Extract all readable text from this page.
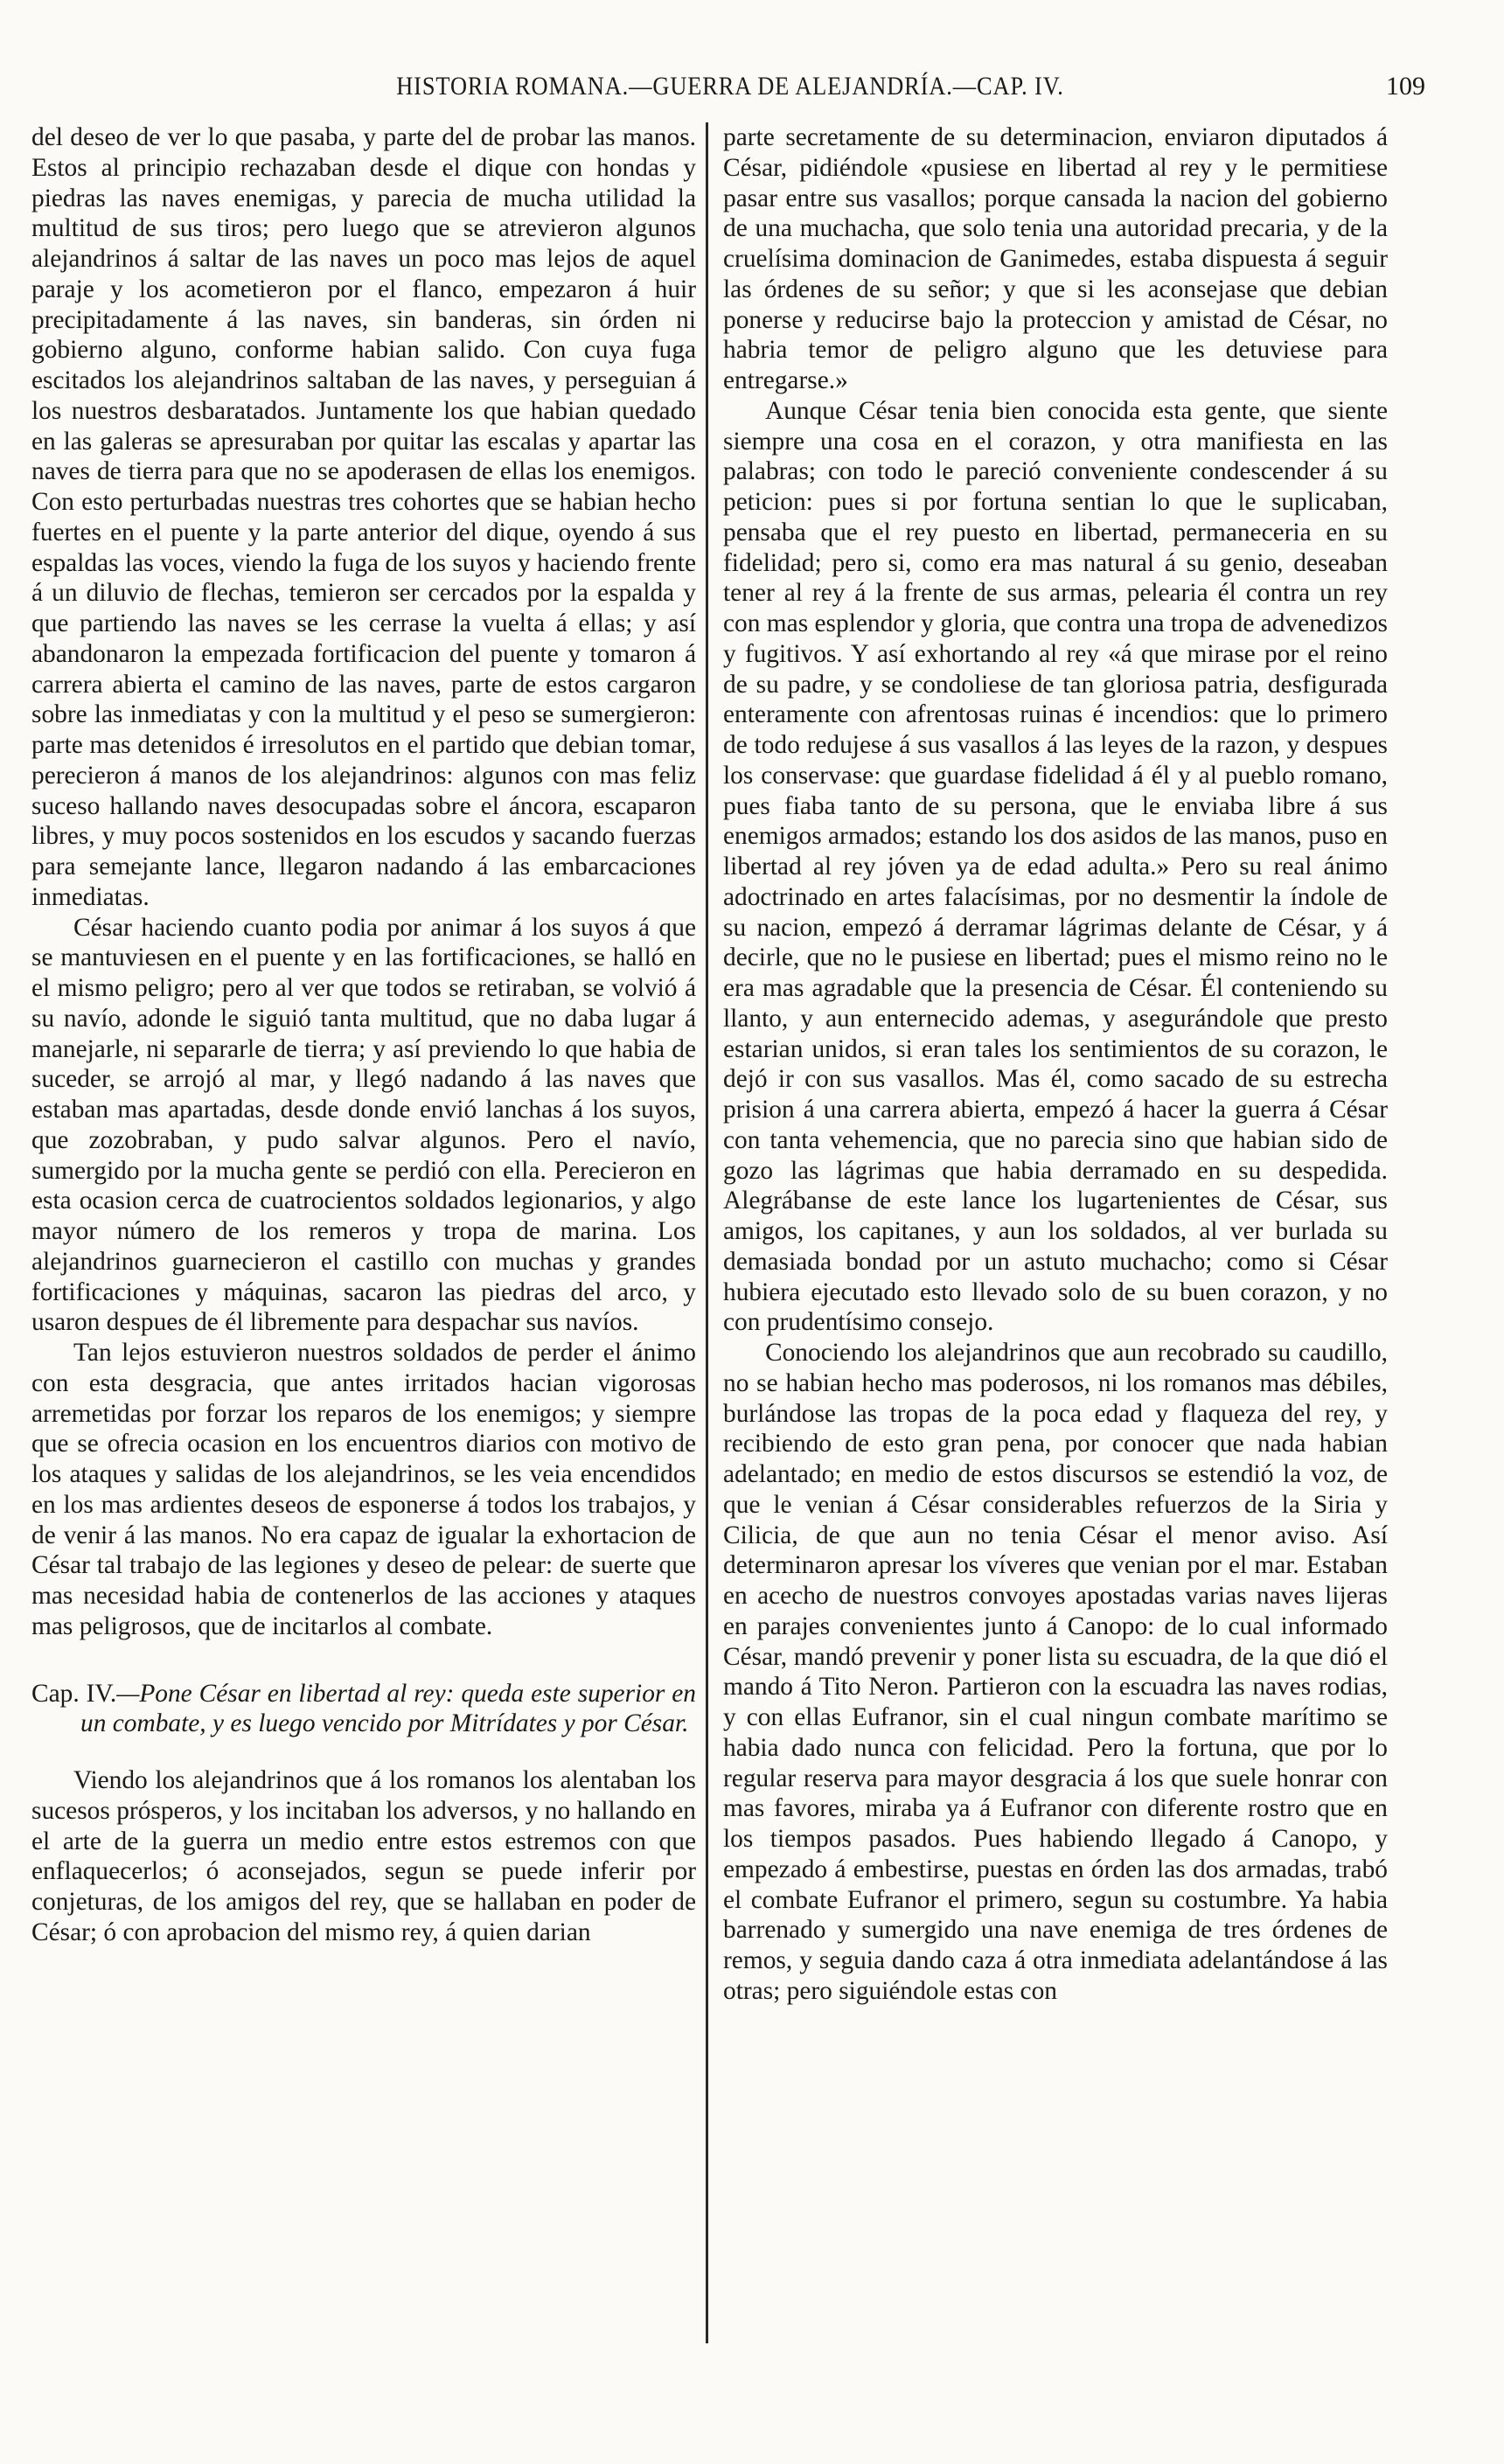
HISTORIA ROMANA.—GUERRA DE ALEJANDRÍA.—CAP. IV.	109

del deseo de ver lo que pasaba, y parte del de probar las manos. Estos al principio rechazaban desde el dique con hondas y piedras las naves enemigas, y parecia de mucha utilidad la multitud de sus tiros; pero luego que se atrevieron algunos alejandrinos á saltar de las naves un poco mas lejos de aquel paraje y los acometieron por el flanco, empezaron á huir precipitadamente á las naves, sin banderas, sin órden ni gobierno alguno, conforme habian salido. Con cuya fuga escitados los alejandrinos saltaban de las naves, y perseguian á los nuestros desbaratados. Juntamente los que habian quedado en las galeras se apresuraban por quitar las escalas y apartar las naves de tierra para que no se apoderasen de ellas los enemigos. Con esto perturbadas nuestras tres cohortes que se habian hecho fuertes en el puente y la parte anterior del dique, oyendo á sus espaldas las voces, viendo la fuga de los suyos y haciendo frente á un diluvio de flechas, temieron ser cercados por la espalda y que partiendo las naves se les cerrase la vuelta á ellas; y así abandonaron la empezada fortificacion del puente y tomaron á carrera abierta el camino de las naves, parte de estos cargaron sobre las inmediatas y con la multitud y el peso se sumergieron: parte mas detenidos é irresolutos en el partido que debian tomar, perecieron á manos de los alejandrinos: algunos con mas feliz suceso hallando naves desocupadas sobre el áncora, escaparon libres, y muy pocos sostenidos en los escudos y sacando fuerzas para semejante lance, llegaron nadando á las embarcaciones inmediatas.

César haciendo cuanto podia por animar á los suyos á que se mantuviesen en el puente y en las fortificaciones, se halló en el mismo peligro; pero al ver que todos se retiraban, se volvió á su navío, adonde le siguió tanta multitud, que no daba lugar á manejarle, ni separarle de tierra; y así previendo lo que habia de suceder, se arrojó al mar, y llegó nadando á las naves que estaban mas apartadas, desde donde envió lanchas á los suyos, que zozobraban, y pudo salvar algunos. Pero el navío, sumergido por la mucha gente se perdió con ella. Perecieron en esta ocasion cerca de cuatrocientos soldados legionarios, y algo mayor número de los remeros y tropa de marina. Los alejandrinos guarnecieron el castillo con muchas y grandes fortificaciones y máquinas, sacaron las piedras del arco, y usaron despues de él libremente para despachar sus navíos.

Tan lejos estuvieron nuestros soldados de perder el ánimo con esta desgracia, que antes irritados hacian vigorosas arremetidas por forzar los reparos de los enemigos; y siempre que se ofrecia ocasion en los encuentros diarios con motivo de los ataques y salidas de los alejandrinos, se les veia encendidos en los mas ardientes deseos de esponerse á todos los trabajos, y de venir á las manos. No era capaz de igualar la exhortacion de César tal trabajo de las legiones y deseo de pelear: de suerte que mas necesidad habia de contenerlos de las acciones y ataques mas peligrosos, que de incitarlos al combate.

Cap. IV.—Pone César en libertad al rey: queda este superior en un combate, y es luego vencido por Mitrídates y por César.

Viendo los alejandrinos que á los romanos los alentaban los sucesos prósperos, y los incitaban los adversos, y no hallando en el arte de la guerra un medio entre estos estremos con que enflaquecerlos; ó aconsejados, segun se puede inferir por conjeturas, de los amigos del rey, que se hallaban en poder de César; ó con aprobacion del mismo rey, á quien darian

parte secretamente de su determinacion, enviaron diputados á César, pidiéndole «pusiese en libertad al rey y le permitiese pasar entre sus vasallos; porque cansada la nacion del gobierno de una muchacha, que solo tenia una autoridad precaria, y de la cruelísima dominacion de Ganimedes, estaba dispuesta á seguir las órdenes de su señor; y que si les aconsejase que debian ponerse y reducirse bajo la proteccion y amistad de César, no habria temor de peligro alguno que les detuviese para entregarse.»

Aunque César tenia bien conocida esta gente, que siente siempre una cosa en el corazon, y otra manifiesta en las palabras; con todo le pareció conveniente condescender á su peticion: pues si por fortuna sentian lo que le suplicaban, pensaba que el rey puesto en libertad, permaneceria en su fidelidad; pero si, como era mas natural á su genio, deseaban tener al rey á la frente de sus armas, pelearia él contra un rey con mas esplendor y gloria, que contra una tropa de advenedizos y fugitivos. Y así exhortando al rey «á que mirase por el reino de su padre, y se condoliese de tan gloriosa patria, desfigurada enteramente con afrentosas ruinas é incendios: que lo primero de todo redujese á sus vasallos á las leyes de la razon, y despues los conservase: que guardase fidelidad á él y al pueblo romano, pues fiaba tanto de su persona, que le enviaba libre á sus enemigos armados; estando los dos asidos de las manos, puso en libertad al rey jóven ya de edad adulta.» Pero su real ánimo adoctrinado en artes falacísimas, por no desmentir la índole de su nacion, empezó á derramar lágrimas delante de César, y á decirle, que no le pusiese en libertad; pues el mismo reino no le era mas agradable que la presencia de César. Él conteniendo su llanto, y aun enternecido ademas, y asegurándole que presto estarian unidos, si eran tales los sentimientos de su corazon, le dejó ir con sus vasallos. Mas él, como sacado de su estrecha prision á una carrera abierta, empezó á hacer la guerra á César con tanta vehemencia, que no parecia sino que habian sido de gozo las lágrimas que habia derramado en su despedida. Alegrábanse de este lance los lugartenientes de César, sus amigos, los capitanes, y aun los soldados, al ver burlada su demasiada bondad por un astuto muchacho; como si César hubiera ejecutado esto llevado solo de su buen corazon, y no con prudentísimo consejo.

Conociendo los alejandrinos que aun recobrado su caudillo, no se habian hecho mas poderosos, ni los romanos mas débiles, burlándose las tropas de la poca edad y flaqueza del rey, y recibiendo de esto gran pena, por conocer que nada habian adelantado; en medio de estos discursos se estendió la voz, de que le venian á César considerables refuerzos de la Siria y Cilicia, de que aun no tenia César el menor aviso. Así determinaron apresar los víveres que venian por el mar. Estaban en acecho de nuestros convoyes apostadas varias naves lijeras en parajes convenientes junto á Canopo: de lo cual informado César, mandó prevenir y poner lista su escuadra, de la que dió el mando á Tito Neron. Partieron con la escuadra las naves rodias, y con ellas Eufranor, sin el cual ningun combate marítimo se habia dado nunca con felicidad. Pero la fortuna, que por lo regular reserva para mayor desgracia á los que suele honrar con mas favores, miraba ya á Eufranor con diferente rostro que en los tiempos pasados. Pues habiendo llegado á Canopo, y empezado á embestirse, puestas en órden las dos armadas, trabó el combate Eufranor el primero, segun su costumbre. Ya habia barrenado y sumergido una nave enemiga de tres órdenes de remos, y seguia dando caza á otra inmediata adelantándose á las otras; pero siguiéndole estas con
